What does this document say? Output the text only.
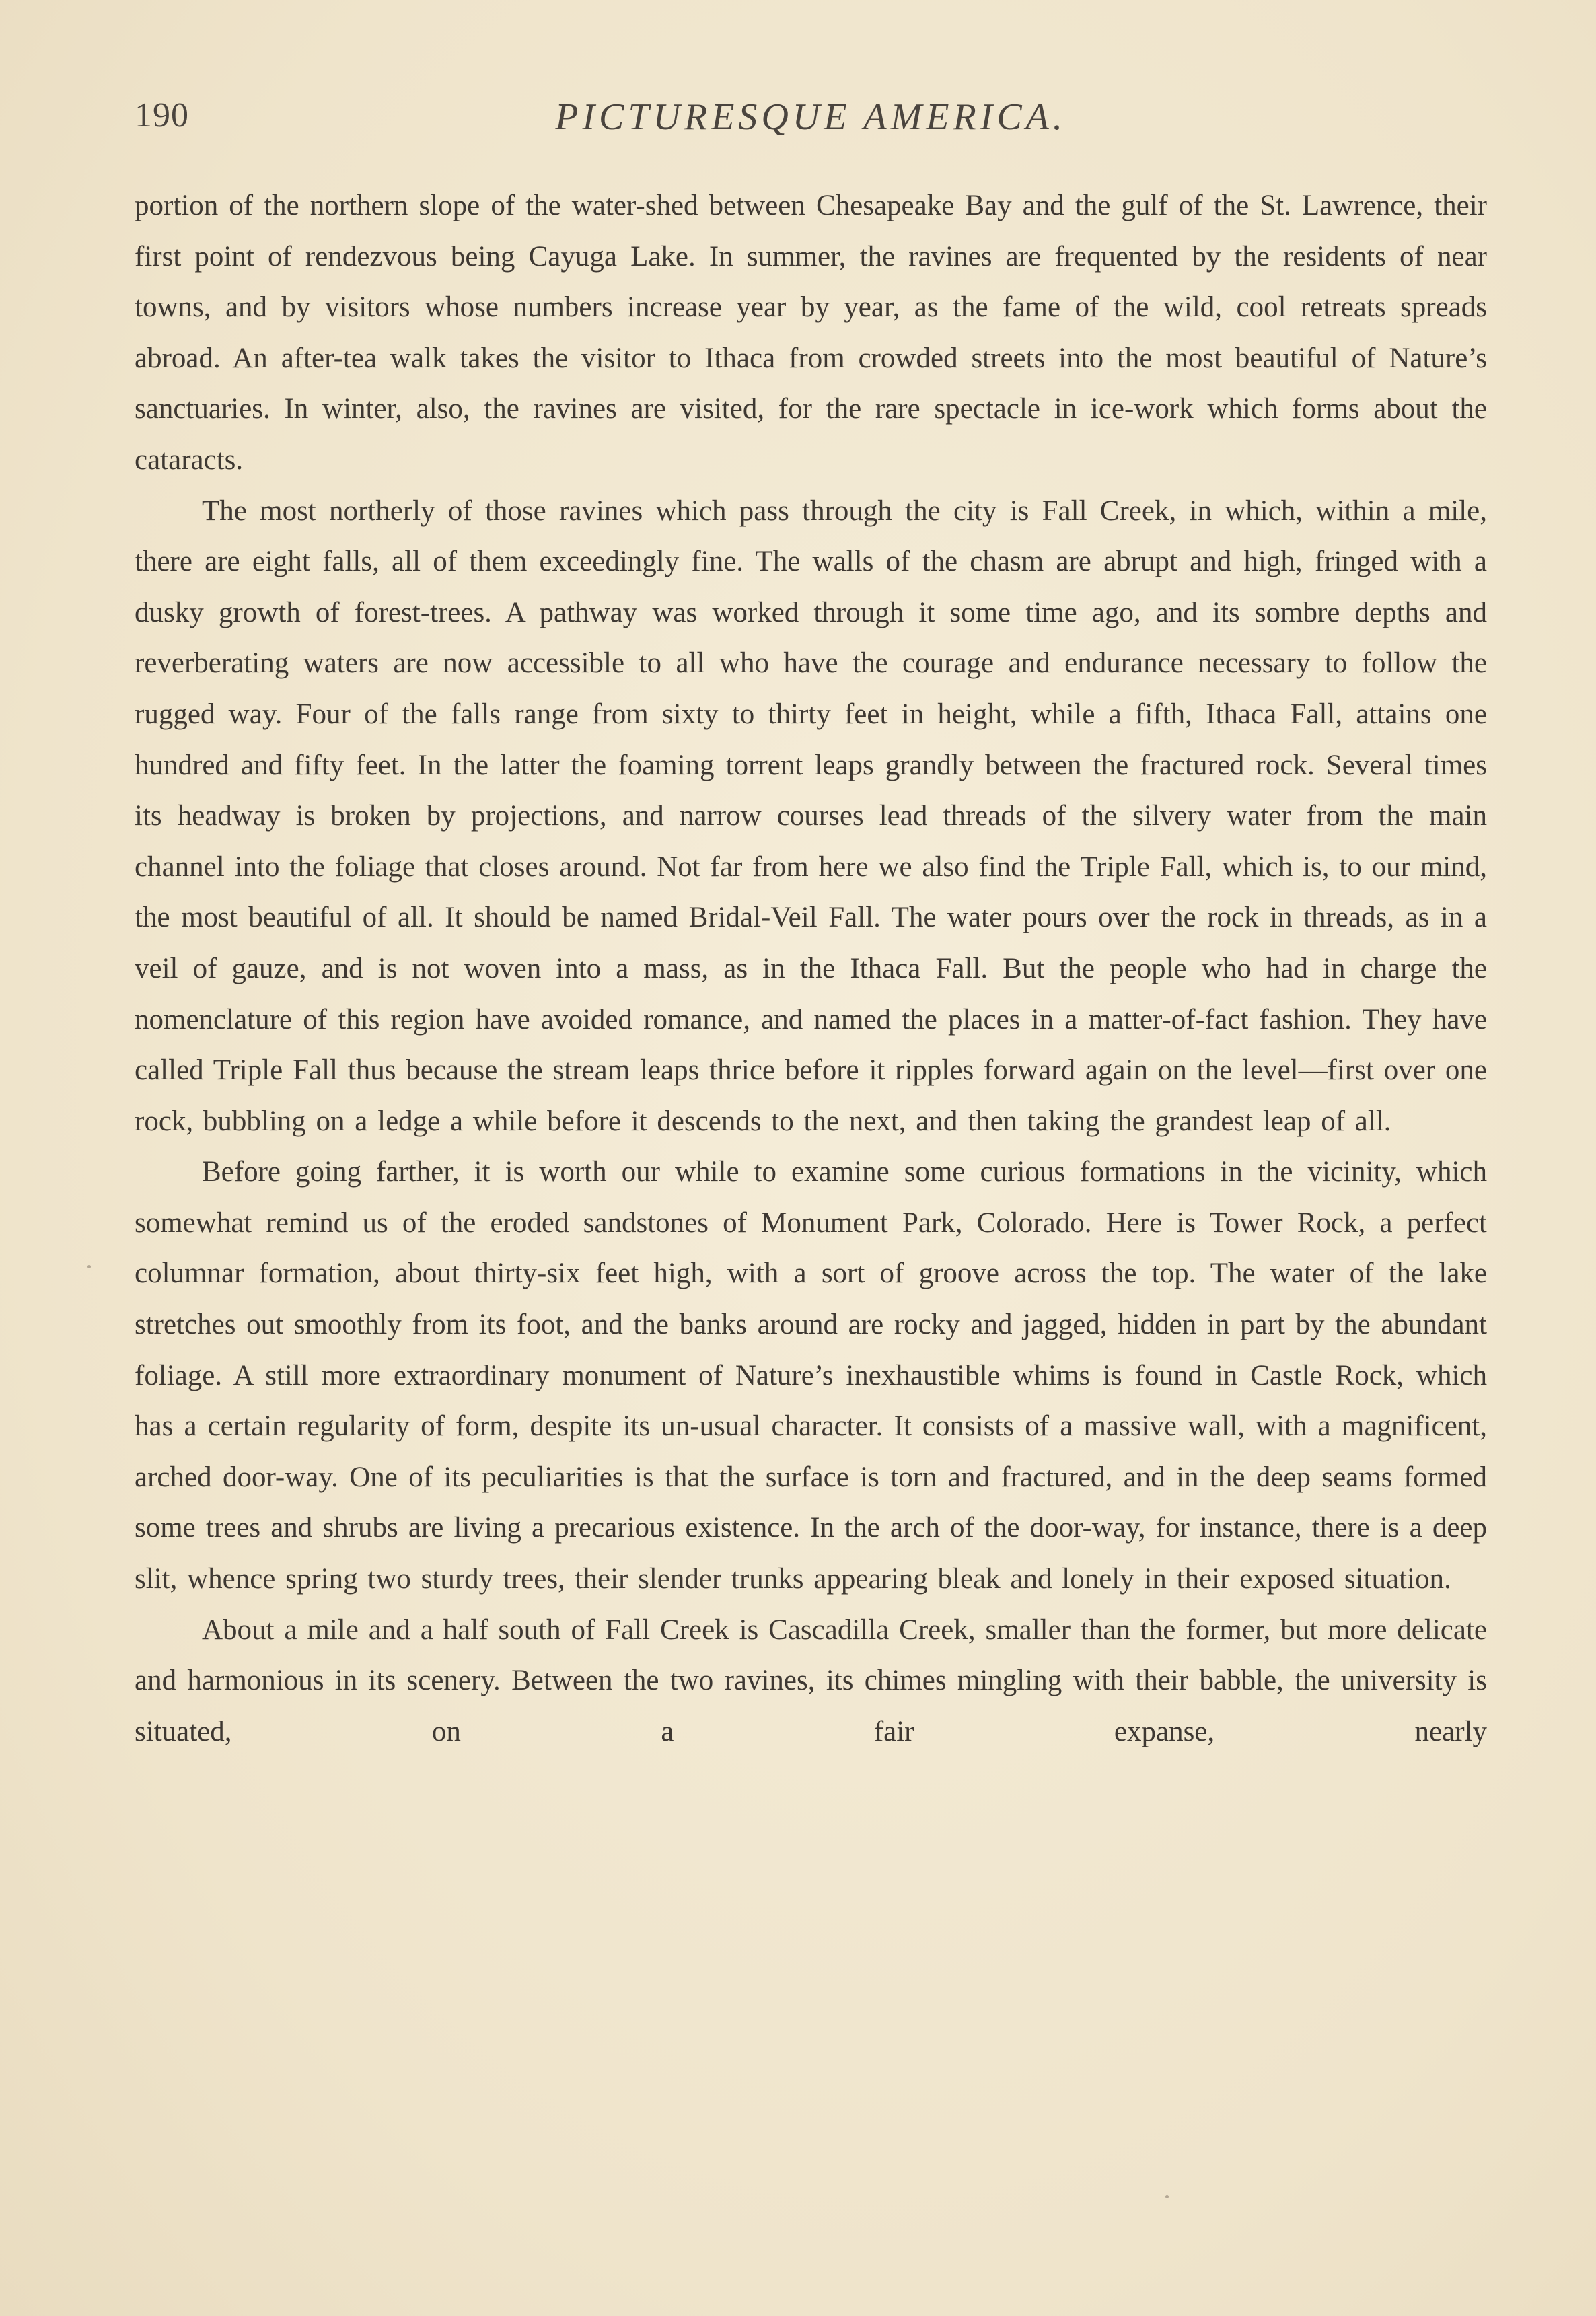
190	PICTURESQUE AMERICA.

portion of the northern slope of the water-shed between Chesapeake Bay and the gulf of the St. Lawrence, their first point of rendezvous being Cayuga Lake. In summer, the ravines are frequented by the residents of near towns, and by visitors whose numbers increase year by year, as the fame of the wild, cool retreats spreads abroad. An after-tea walk takes the visitor to Ithaca from crowded streets into the most beautiful of Nature’s sanctuaries. In winter, also, the ravines are visited, for the rare spectacle in ice-work which forms about the cataracts.

The most northerly of those ravines which pass through the city is Fall Creek, in which, within a mile, there are eight falls, all of them exceedingly fine. The walls of the chasm are abrupt and high, fringed with a dusky growth of forest-trees. A pathway was worked through it some time ago, and its sombre depths and reverberating waters are now accessible to all who have the courage and endurance necessary to follow the rugged way. Four of the falls range from sixty to thirty feet in height, while a fifth, Ithaca Fall, attains one hundred and fifty feet. In the latter the foaming torrent leaps grandly between the fractured rock. Several times its headway is broken by projections, and narrow courses lead threads of the silvery water from the main channel into the foliage that closes around. Not far from here we also find the Triple Fall, which is, to our mind, the most beautiful of all. It should be named Bridal-Veil Fall. The water pours over the rock in threads, as in a veil of gauze, and is not woven into a mass, as in the Ithaca Fall. But the people who had in charge the nomenclature of this region have avoided romance, and named the places in a matter-of-fact fashion. They have called Triple Fall thus because the stream leaps thrice before it ripples forward again on the level—first over one rock, bubbling on a ledge a while before it descends to the next, and then taking the grandest leap of all.

Before going farther, it is worth our while to examine some curious formations in the vicinity, which somewhat remind us of the eroded sandstones of Monument Park, Colorado. Here is Tower Rock, a perfect columnar formation, about thirty-six feet high, with a sort of groove across the top. The water of the lake stretches out smoothly from its foot, and the banks around are rocky and jagged, hidden in part by the abundant foliage. A still more extraordinary monument of Nature’s inexhaustible whims is found in Castle Rock, which has a certain regularity of form, despite its un-usual character. It consists of a massive wall, with a magnificent, arched door-way. One of its peculiarities is that the surface is torn and fractured, and in the deep seams formed some trees and shrubs are living a precarious existence. In the arch of the door-way, for instance, there is a deep slit, whence spring two sturdy trees, their slender trunks appearing bleak and lonely in their exposed situation.

About a mile and a half south of Fall Creek is Cascadilla Creek, smaller than the former, but more delicate and harmonious in its scenery. Between the two ravines, its chimes mingling with their babble, the university is situated, on a fair expanse, nearly
